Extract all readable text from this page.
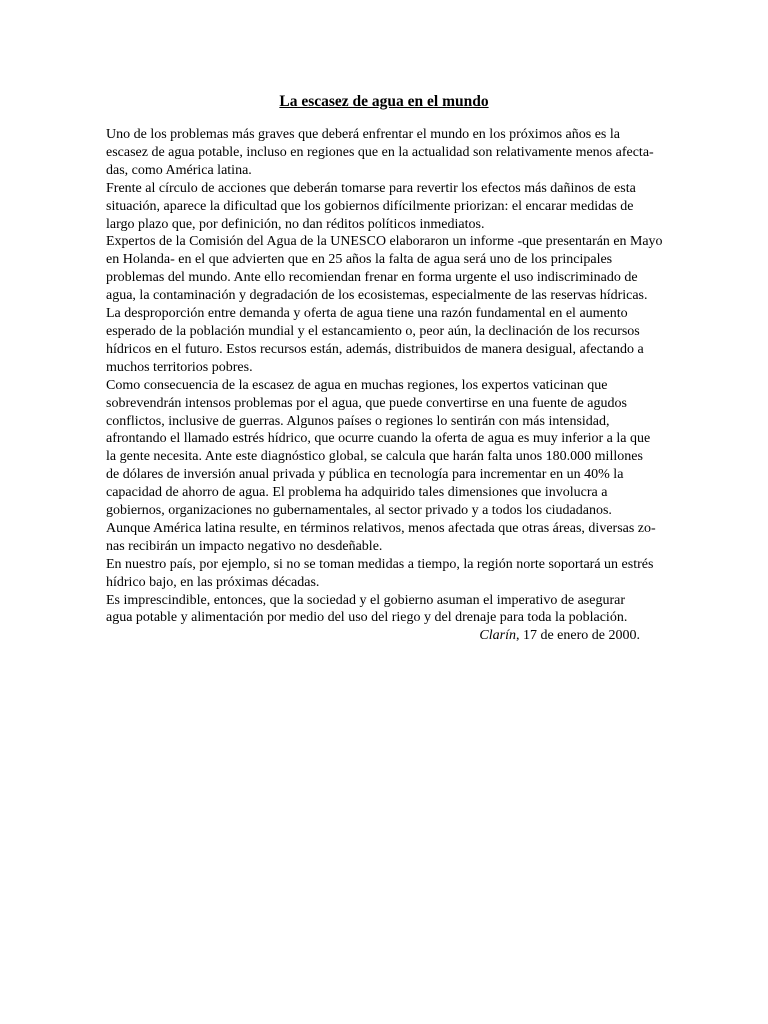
La escasez de agua en el mundo
Uno de los problemas más graves que deberá enfrentar el mundo en los próximos años es la
escasez de agua potable, incluso en regiones que en la actualidad son relativamente menos afecta-
das, como América latina.
Frente al círculo de acciones que deberán tomarse para revertir los efectos más dañinos de esta
situación, aparece la dificultad que los gobiernos difícilmente priorizan: el encarar medidas de
largo plazo que, por definición, no dan réditos políticos inmediatos.
Expertos de la Comisión del Agua de la UNESCO elaboraron un informe -que presentarán en Mayo
en Holanda- en el que advierten que en 25 años la falta de agua será uno de los principales
problemas del mundo. Ante ello recomiendan frenar en forma urgente el uso indiscriminado de
agua, la contaminación y degradación de los ecosistemas, especialmente de las reservas hídricas.
La desproporción entre demanda y oferta de agua tiene una razón fundamental en el aumento
esperado de la población mundial y el estancamiento o, peor aún, la declinación de los recursos
hídricos en el futuro. Estos recursos están, además, distribuidos de manera desigual, afectando a
muchos territorios pobres.
Como consecuencia de la escasez de agua en muchas regiones, los expertos vaticinan que
sobrevendrán intensos problemas por el agua, que puede convertirse en una fuente de agudos
conflictos, inclusive de guerras. Algunos países o regiones lo sentirán con más intensidad,
afrontando el llamado estrés hídrico, que ocurre cuando la oferta de agua es muy inferior a la que
la gente necesita. Ante este diagnóstico global, se calcula que harán falta unos 180.000 millones
de dólares de inversión anual privada y pública en tecnología para incrementar en un 40% la
capacidad de ahorro de agua. El problema ha adquirido tales dimensiones que involucra a
gobiernos, organizaciones no gubernamentales, al sector privado y a todos los ciudadanos.
Aunque América latina resulte, en términos relativos, menos afectada que otras áreas, diversas zo-
nas recibirán un impacto negativo no desdeñable.
En nuestro país, por ejemplo, si no se toman medidas a tiempo, la región norte soportará un estrés
hídrico bajo, en las próximas décadas.
Es imprescindible, entonces, que la sociedad y el gobierno asuman el imperativo de asegurar
agua potable y alimentación por medio del uso del riego y del drenaje para toda la población.
Clarín, 17 de enero de 2000.
